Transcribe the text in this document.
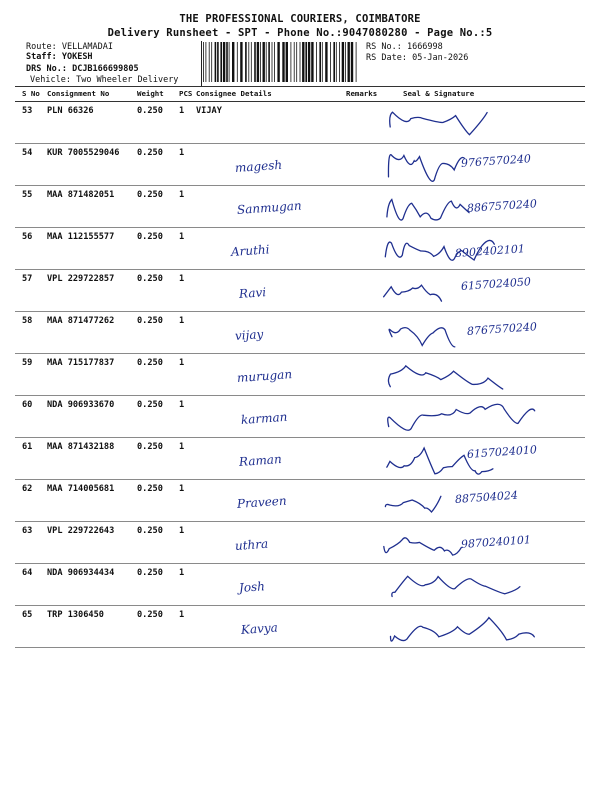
THE PROFESSIONAL COURIERS, COIMBATORE
Delivery Runsheet - SPT - Phone No.:9047080280 - Page No.:5
Route: VELLAMADAI
Staff: YOKESH
DRS No.: DCJB166699805
Vehicle: Two Wheeler Delivery
RS No.: 1666998
RS Date: 05-Jan-2026
S No Consignment No	Weight PCS Consignee Details	Remarks	Seal & Signature
53 PLN 66326	0.250 1 VIJAY
54 KUR 7005529046 0.250 1
magesh	9767570240
55 MAA 871482051	0.250 1
Sanmugan	8867570240
56 MAA 112155577	0.250 1
Aruthi	8902402101
57 VPL 229722857	0.250 1
Ravi
6157024050
58 MAA 871477262	0.250 1
vijay	8767570240
59 MAA 715177837	0.250 1
murugan
60 NDA 906933670	0.250 1
karman
61 MAA 871432188	0.250 1
Raman	6157024010
62 MAA 714005681	0.250 1
Praveen	887504024
63 VPL 229722643	0.250 1
uthra	9870240101
64 NDA 906934434	0.250 1
Josh
65 TRP 1306450	0.250 1
Kavya
